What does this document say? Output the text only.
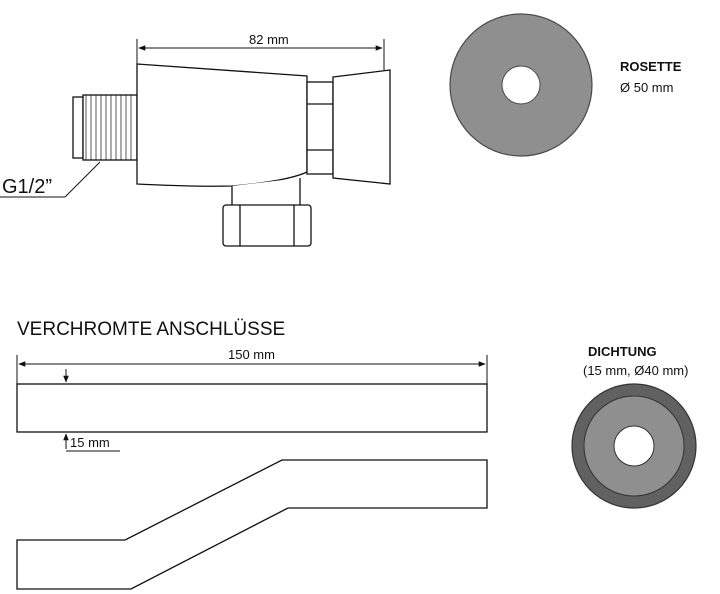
82 mm
G1/2”
ROSETTE
Ø 50 mm
VERCHROMTE ANSCHLÜSSE
150 mm
15 mm
DICHTUNG
(15 mm, Ø40 mm)
